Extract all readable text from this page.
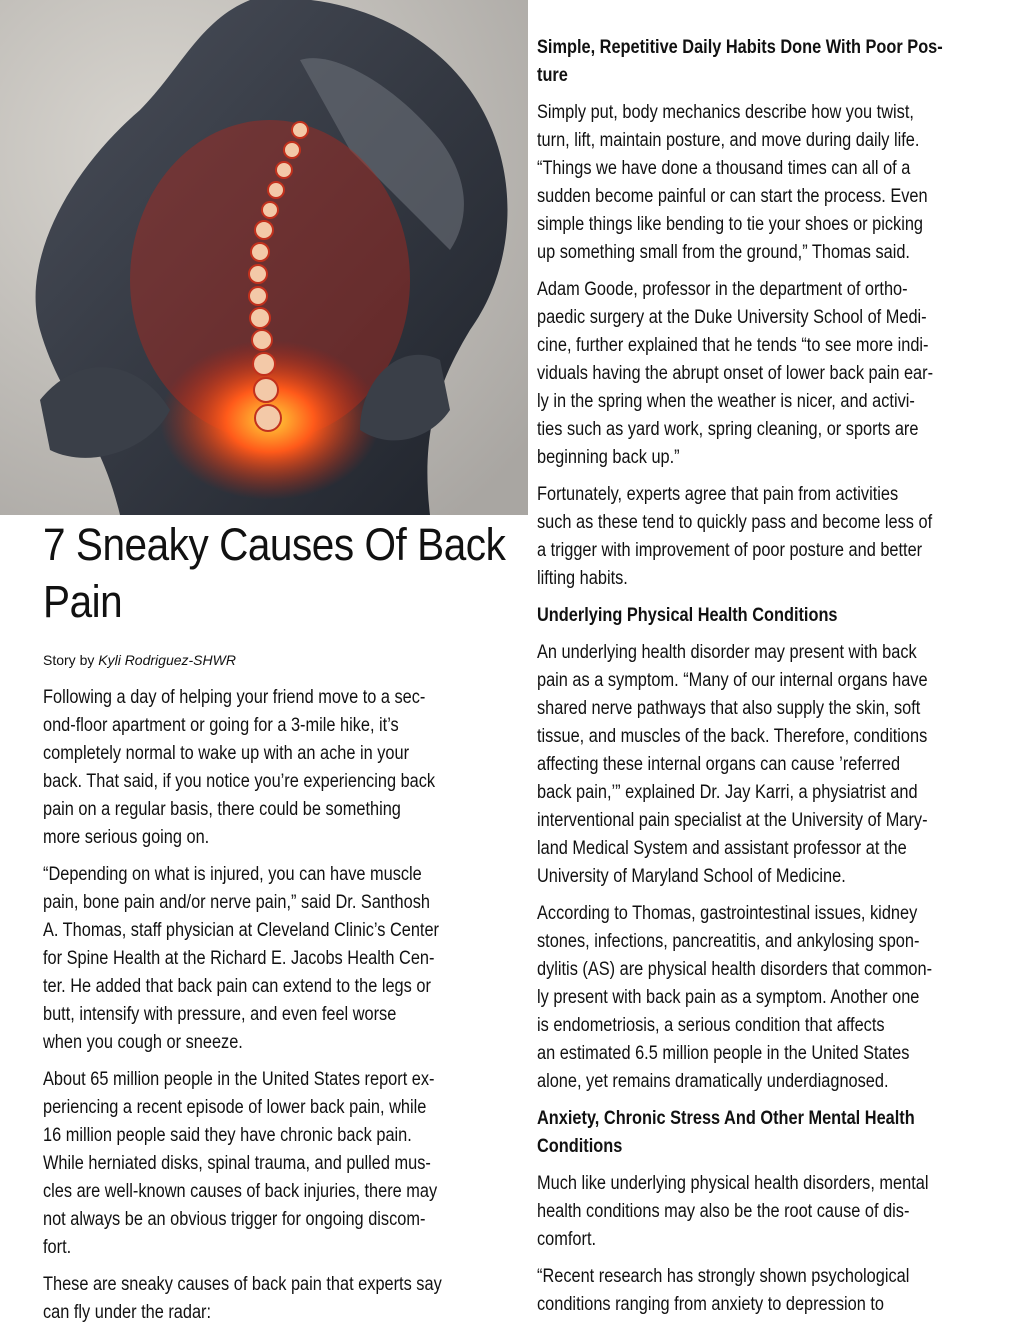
7 Sneaky Causes Of Back
Pain
Story by Kyli Rodriguez-SHWR
Following a day of helping your friend move to a sec-
ond-floor apartment or going for a 3-mile hike, it’s
completely normal to wake up with an ache in your
back. That said, if you notice you’re experiencing back
pain on a regular basis, there could be something
more serious going on.
“Depending on what is injured, you can have muscle
pain, bone pain and/or nerve pain,” said Dr. Santhosh
A. Thomas, staff physician at Cleveland Clinic’s Center
for Spine Health at the Richard E. Jacobs Health Cen-
ter. He added that back pain can extend to the legs or
butt, intensify with pressure, and even feel worse
when you cough or sneeze.
About 65 million people in the United States report ex-
periencing a recent episode of lower back pain, while
16 million people said they have chronic back pain.
While herniated disks, spinal trauma, and pulled mus-
cles are well-known causes of back injuries, there may
not always be an obvious trigger for ongoing discom-
fort.
These are sneaky causes of back pain that experts say
can fly under the radar:
Simple, Repetitive Daily Habits Done With Poor Pos-
ture
Simply put, body mechanics describe how you twist,
turn, lift, maintain posture, and move during daily life.
“Things we have done a thousand times can all of a
sudden become painful or can start the process. Even
simple things like bending to tie your shoes or picking
up something small from the ground,” Thomas said.
Adam Goode, professor in the department of ortho-
paedic surgery at the Duke University School of Medi-
cine, further explained that he tends “to see more indi-
viduals having the abrupt onset of lower back pain ear-
ly in the spring when the weather is nicer, and activi-
ties such as yard work, spring cleaning, or sports are
beginning back up.”
Fortunately, experts agree that pain from activities
such as these tend to quickly pass and become less of
a trigger with improvement of poor posture and better
lifting habits.
Underlying Physical Health Conditions
An underlying health disorder may present with back
pain as a symptom. “Many of our internal organs have
shared nerve pathways that also supply the skin, soft
tissue, and muscles of the back. Therefore, conditions
affecting these internal organs can cause ’referred
back pain,’” explained Dr. Jay Karri, a physiatrist and
interventional pain specialist at the University of Mary-
land Medical System and assistant professor at the
University of Maryland School of Medicine.
According to Thomas, gastrointestinal issues, kidney
stones, infections, pancreatitis, and ankylosing spon-
dylitis (AS) are physical health disorders that common-
ly present with back pain as a symptom. Another one
is endometriosis, a serious condition that affects
an estimated 6.5 million people in the United States
alone, yet remains dramatically underdiagnosed.
Anxiety, Chronic Stress And Other Mental Health
Conditions
Much like underlying physical health disorders, mental
health conditions may also be the root cause of dis-
comfort.
“Recent research has strongly shown psychological
conditions ranging from anxiety to depression to
